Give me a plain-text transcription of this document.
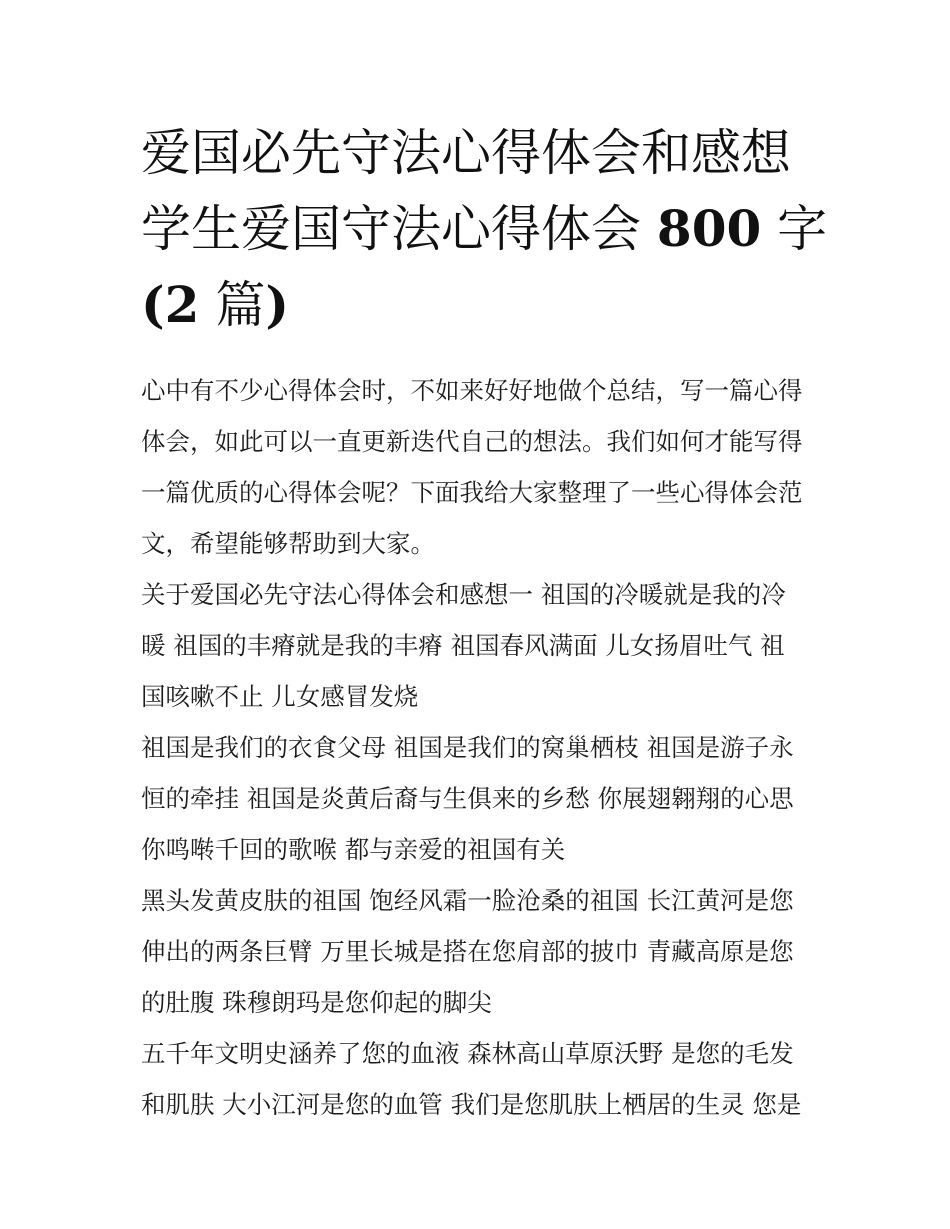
爱国必先守法心得体会和感想
学生爱国守法心得体会 800 字
(2 篇)

心中有不少心得体会时，不如来好好地做个总结，写一篇心得
体会，如此可以一直更新迭代自己的想法。我们如何才能写得
一篇优质的心得体会呢？下面我给大家整理了一些心得体会范
文，希望能够帮助到大家。

关于爱国必先守法心得体会和感想一 祖国的冷暖就是我的冷
暖 祖国的丰瘠就是我的丰瘠 祖国春风满面 儿女扬眉吐气 祖
国咳嗽不止 儿女感冒发烧

祖国是我们的衣食父母 祖国是我们的窝巢栖枝 祖国是游子永
恒的牵挂 祖国是炎黄后裔与生俱来的乡愁 你展翅翱翔的心思
你鸣啭千回的歌喉 都与亲爱的祖国有关

黑头发黄皮肤的祖国 饱经风霜一脸沧桑的祖国 长江黄河是您
伸出的两条巨臂 万里长城是搭在您肩部的披巾 青藏高原是您
的肚腹 珠穆朗玛是您仰起的脚尖

五千年文明史涵养了您的血液 森林高山草原沃野 是您的毛发
和肌肤 大小江河是您的血管 我们是您肌肤上栖居的生灵 您是
